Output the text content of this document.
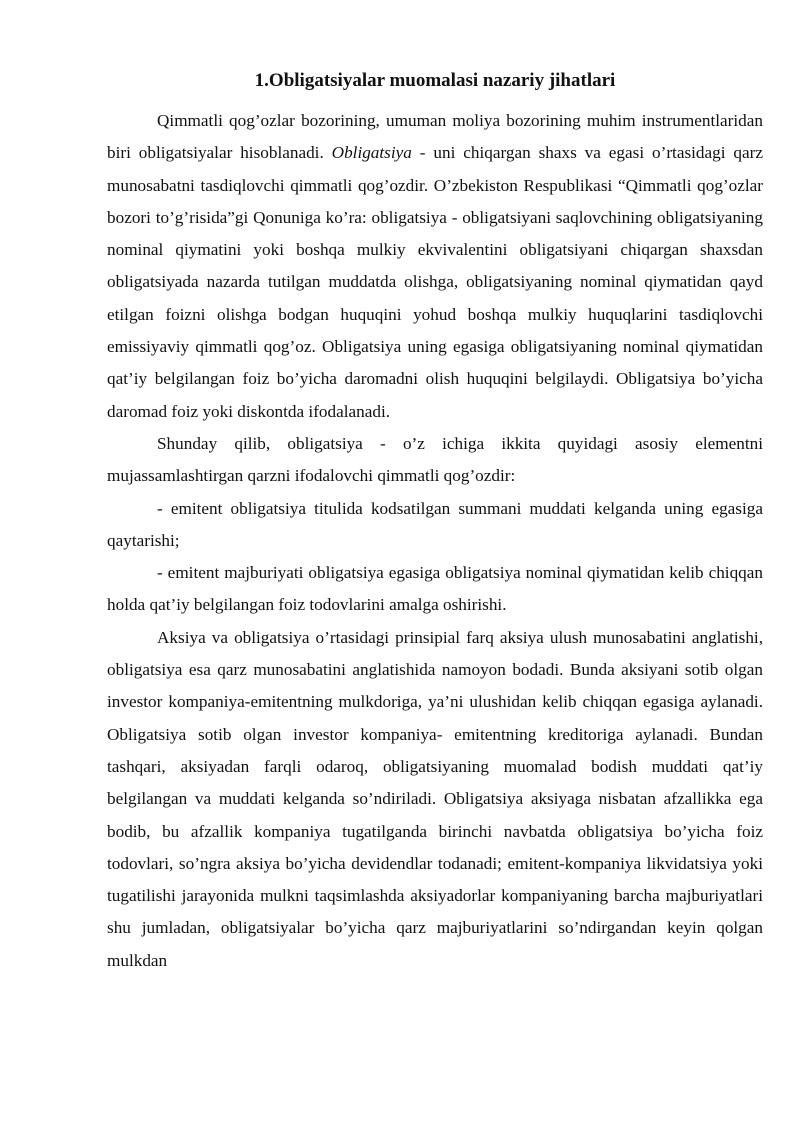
1.Obligatsiyalar muomalasi nazariy jihatlari

Qimmatli qog’ozlar bozorining, umuman moliya bozorining muhim instrumentlaridan biri obligatsiyalar hisoblanadi. Obligatsiya - uni chiqargan shaxs va egasi o’rtasidagi qarz munosabatni tasdiqlovchi qimmatli qog’ozdir. O’zbekiston Respublikasi “Qimmatli qog’ozlar bozori to’g’risida”gi Qonuniga ko’ra: obligatsiya - obligatsiyani saqlovchining obligatsiyaning nominal qiymatini yoki boshqa mulkiy ekvivalentini obligatsiyani chiqargan shaxsdan obligatsiyada nazarda tutilgan muddatda olishga, obligatsiyaning nominal qiymatidan qayd etilgan foizni olishga bodgan huquqini yohud boshqa mulkiy huquqlarini tasdiqlovchi emissiyaviy qimmatli qog’oz. Obligatsiya uning egasiga obligatsiyaning nominal qiymatidan qat’iy belgilangan foiz bo’yicha daromadni olish huquqini belgilaydi. Obligatsiya bo’yicha daromad foiz yoki diskontda ifodalanadi.

Shunday qilib, obligatsiya - o’z ichiga ikkita quyidagi asosiy elementni mujassamlashtirgan qarzni ifodalovchi qimmatli qog’ozdir:

- emitent obligatsiya titulida kodsatilgan summani muddati kelganda uning egasiga qaytarishi;

- emitent majburiyati obligatsiya egasiga obligatsiya nominal qiymatidan kelib chiqqan holda qat’iy belgilangan foiz todovlarini amalga oshirishi.

Aksiya va obligatsiya o’rtasidagi prinsipial farq aksiya ulush munosabatini anglatishi, obligatsiya esa qarz munosabatini anglatishida namoyon bodadi. Bunda aksiyani sotib olgan investor kompaniya-emitentning mulkdoriga, ya’ni ulushidan kelib chiqqan egasiga aylanadi. Obligatsiya sotib olgan investor kompaniya- emitentning kreditoriga aylanadi. Bundan tashqari, aksiyadan farqli odaroq, obligatsiyaning muomalad bodish muddati qat’iy belgilangan va muddati kelganda so’ndiriladi. Obligatsiya aksiyaga nisbatan afzallikka ega bodib, bu afzallik kompaniya tugatilganda birinchi navbatda obligatsiya bo’yicha foiz todovlari, so’ngra aksiya bo’yicha devidendlar todanadi; emitent-kompaniya likvidatsiya yoki tugatilishi jarayonida mulkni taqsimlashda aksiyadorlar kompaniyaning barcha majburiyatlari shu jumladan, obligatsiyalar bo’yicha qarz majburiyatlarini so’ndirgandan keyin qolgan mulkdan
